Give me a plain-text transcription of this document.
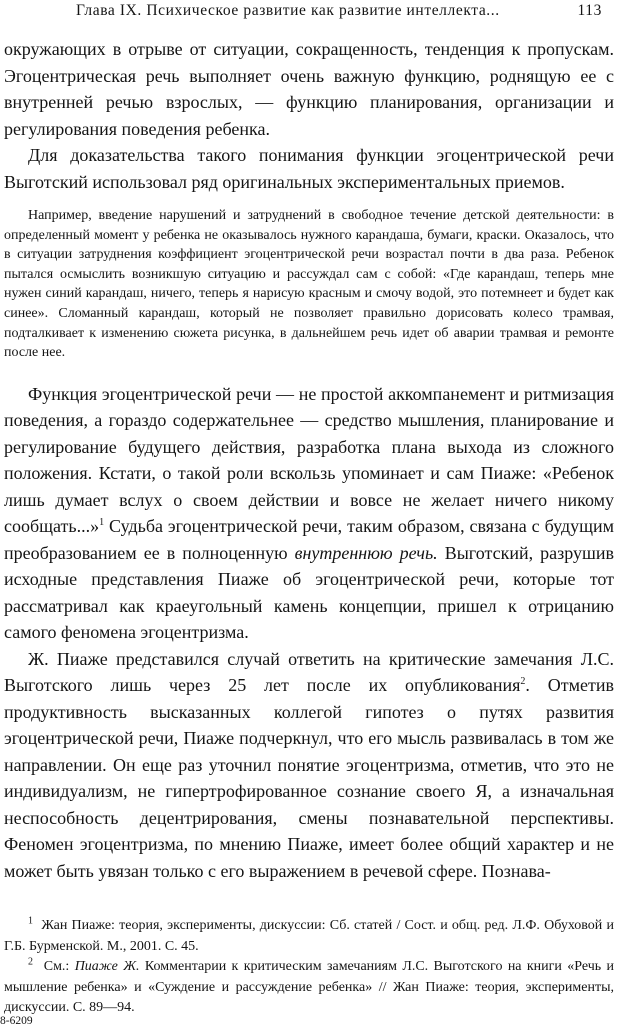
Глава IX. Психическое развитие как развитие интеллекта...	113

окружающих в отрыве от ситуации, сокращенность, тенденция к пропускам. Эгоцентрическая речь выполняет очень важную функцию, роднящую ее с внутренней речью взрослых, — функцию планирования, организации и регулирования поведения ребенка.

Для доказательства такого понимания функции эгоцентрической речи Выготский использовал ряд оригинальных экспериментальных приемов.

Например, введение нарушений и затруднений в свободное течение детской деятельности: в определенный момент у ребенка не оказывалось нужного карандаша, бумаги, краски. Оказалось, что в ситуации затруднения коэффициент эгоцентрической речи возрастал почти в два раза. Ребенок пытался осмыслить возникшую ситуацию и рассуждал сам с собой: «Где карандаш, теперь мне нужен синий карандаш, ничего, теперь я нарисую красным и смочу водой, это потемнеет и будет как синее». Сломанный карандаш, который не позволяет правильно дорисовать колесо трамвая, подталкивает к изменению сюжета рисунка, в дальнейшем речь идет об аварии трамвая и ремонте после нее.

Функция эгоцентрической речи — не простой аккомпанемент и ритмизация поведения, а гораздо содержательнее — средство мышления, планирование и регулирование будущего действия, разработка плана выхода из сложного положения. Кстати, о такой роли вскользь упоминает и сам Пиаже: «Ребенок лишь думает вслух о своем действии и вовсе не желает ничего никому сообщать...»$^1$ Судьба эгоцентрической речи, таким образом, связана с будущим преобразованием ее в полноценную внутреннюю речь. Выготский, разрушив исходные представления Пиаже об эгоцентрической речи, которые тот рассматривал как краеугольный камень концепции, пришел к отрицанию самого феномена эгоцентризма.

Ж. Пиаже представился случай ответить на критические замечания Л.С. Выготского лишь через 25 лет после их опубликования$^2$. Отметив продуктивность высказанных коллегой гипотез о путях развития эгоцентрической речи, Пиаже подчеркнул, что его мысль развивалась в том же направлении. Он еще раз уточнил понятие эгоцентризма, отметив, что это не индивидуализм, не гипертрофированное сознание своего Я, а изначальная неспособность децентрирования, смены познавательной перспективы. Феномен эгоцентризма, по мнению Пиаже, имеет более общий характер и не может быть увязан только с его выражением в речевой сфере. Познава-

$^1$ Жан Пиаже: теория, эксперименты, дискуссии: Сб. статей / Сост. и общ. ред. Л.Ф. Обуховой и Г.Б. Бурменской. М., 2001. С. 45.

$^2$ См.: Пиаже Ж. Комментарии к критическим замечаниям Л.С. Выготского на книги «Речь и мышление ребенка» и «Суждение и рассуждение ребенка» // Жан Пиаже: теория, эксперименты, дискуссии. С. 89—94.

8-6209
